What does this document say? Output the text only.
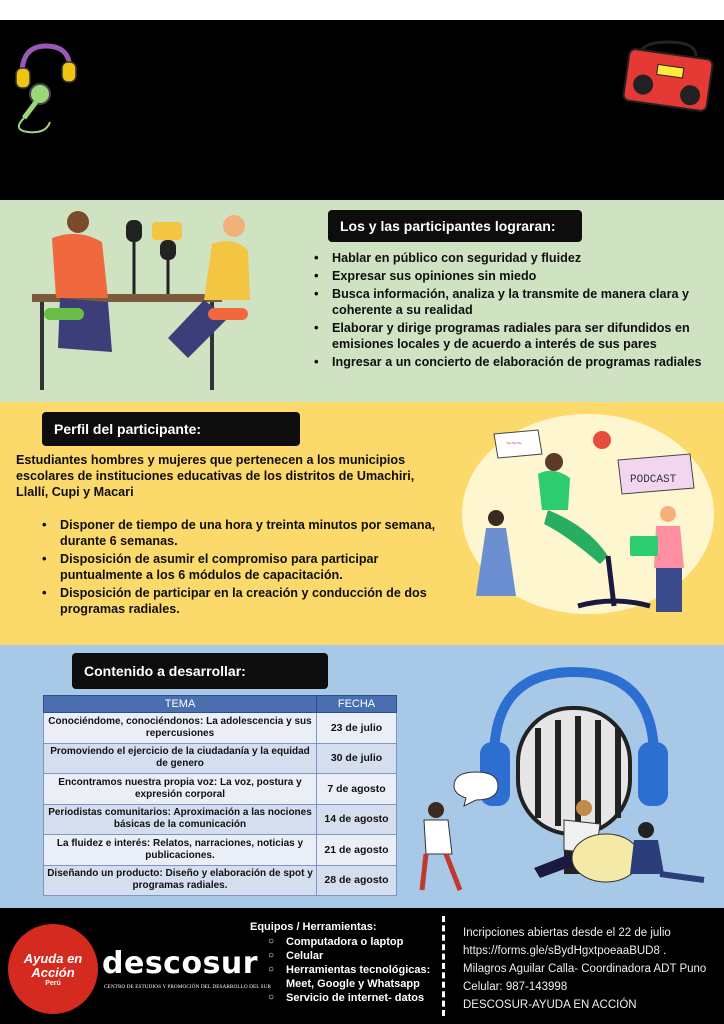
Los y las participantes lograran:
• Hablar en público con seguridad y fluidez
• Expresar sus opiniones sin miedo
• Busca información, analiza y la transmite de manera clara y coherente a su realidad
• Elaborar y dirige programas radiales para ser difundidos en emisiones locales y de acuerdo a interés de sus pares
• Ingresar a un concierto de elaboración de programas radiales
Perfil del participante:
Estudiantes hombres y mujeres que pertenecen a los municipios escolares de instituciones educativas de los distritos de Umachiri, Llallí, Cupi y Macari
• Disponer de tiempo de una hora y treinta minutos por semana, durante 6 semanas.
• Disposición de asumir el compromiso para participar puntualmente a los 6 módulos de capacitación.
• Disposición de participar en la creación y conducción de dos programas radiales.
~~~
PODCAST
Contenido a desarrollar:
TEMA	FECHA
Conociéndome, conociéndonos: La adolescencia y sus repercusiones	23 de julio
Promoviendo el ejercicio de la ciudadanía y la equidad de genero	30 de julio
Encontramos nuestra propia voz: La voz, postura y expresión corporal	7 de agosto
Periodistas comunitarios: Aproximación a las nociones básicas de la comunicación	14 de agosto
La fluidez e interés: Relatos, narraciones, noticias y publicaciones.	21 de agosto
Diseñando un producto: Diseño y elaboración de spot y programas radiales.	28 de agosto
Ayuda en
Acción
Perú
descosur
CENTRO DE ESTUDIOS Y PROMOCIÓN DEL DESARROLLO DEL SUR
Equipos / Herramientas:
○ Computadora o laptop
○ Celular
○ Herramientas tecnológicas: Meet, Google y Whatsapp
○ Servicio de internet- datos
Incripciones abiertas desde el 22 de julio
https://forms.gle/sBydHgxtpoeaaBUD8 .
Milagros Aguilar Calla- Coordinadora ADT Puno
Celular: 987-143998
DESCOSUR-AYUDA EN ACCIÓN
